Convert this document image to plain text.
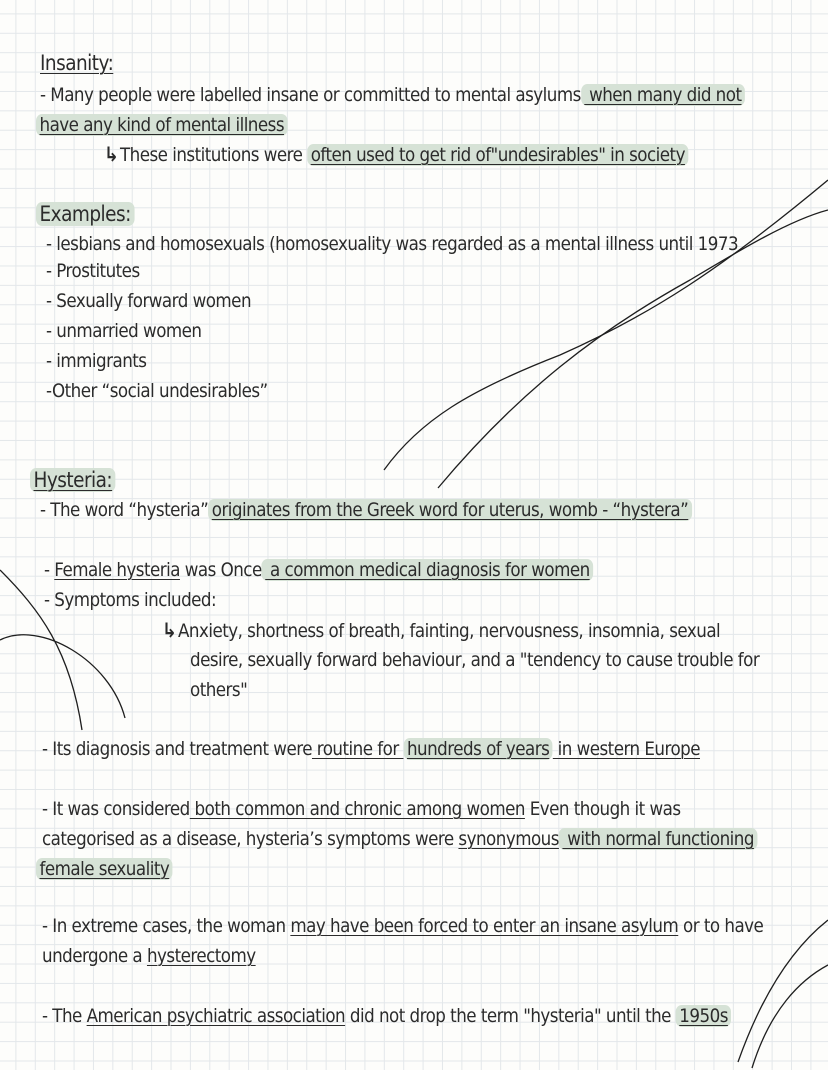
Insanity:
- Many people were labelled insane or committed to mental asylums when many did not
have any kind of mental illness
↳These institutions were often used to get rid of"undesirables" in society
Examples:
- lesbians and homosexuals (homosexuality was regarded as a mental illness until 1973
- Prostitutes
- Sexually forward women
- unmarried women
- immigrants
-Other “social undesirables”
Hysteria:
- The word “hysteria” originates from the Greek word for uterus, womb - “hystera”
- Female hysteria was Once a common medical diagnosis for women
- Symptoms included:
↳Anxiety, shortness of breath, fainting, nervousness, insomnia, sexual
desire, sexually forward behaviour, and a "tendency to cause trouble for
others"
- Its diagnosis and treatment were routine for hundreds of years in western Europe
- It was considered both common and chronic among women Even though it was
categorised as a disease, hysteria’s symptoms were synonymous with normal functioning
female sexuality
- In extreme cases, the woman may have been forced to enter an insane asylum or to have
undergone a hysterectomy
- The American psychiatric association did not drop the term "hysteria" until the 1950s
